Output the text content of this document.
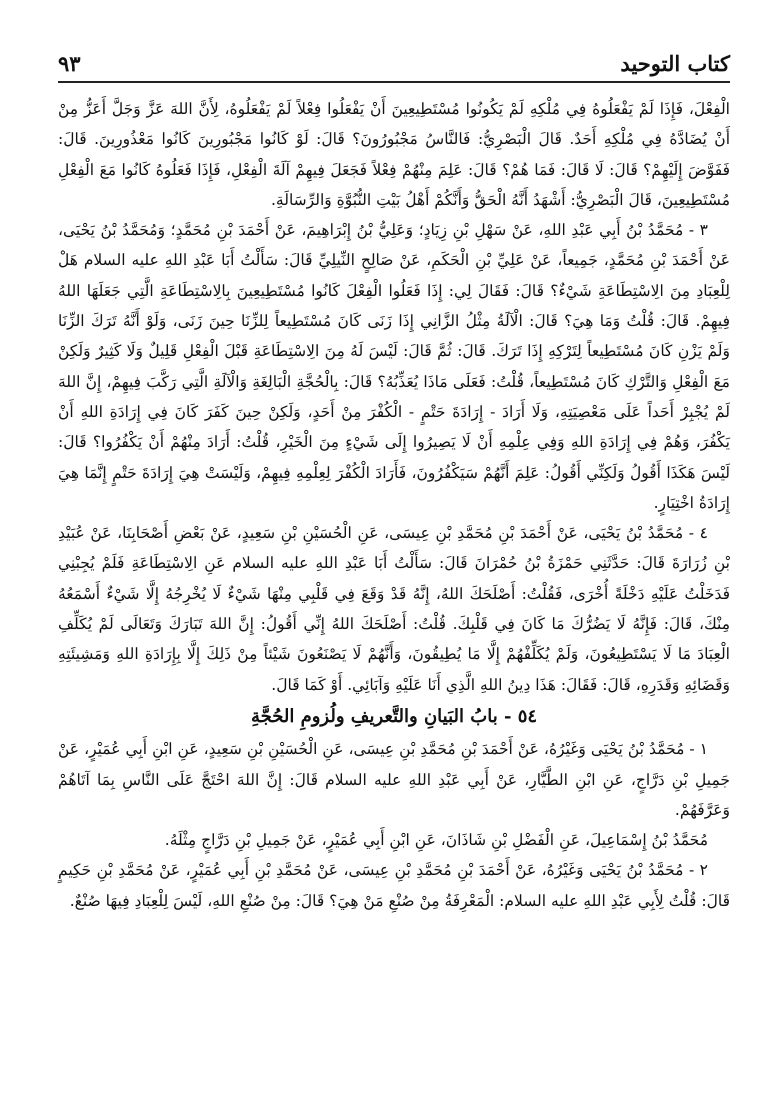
٩٣	كتاب التوحيد

الْفِعْلَ، فَإِذَا لَمْ يَفْعَلُوهُ فِي مُلْكِهِ لَمْ يَكُونُوا مُسْتَطِيعِينَ أَنْ يَفْعَلُوا فِعْلاً لَمْ يَفْعَلُوهُ، لِأَنَّ اللهَ عَزَّ وَجَلَّ أَعَزُّ مِنْ أَنْ يُضَادَّهُ فِي مُلْكِهِ أَحَدٌ. قَالَ الْبَصْرِيُّ: فَالنَّاسُ مَجْبُورُونَ؟ قَالَ: لَوْ كَانُوا مَجْبُورِينَ كَانُوا مَعْذُورِينَ. قَالَ: فَفَوَّضَ إِلَيْهِمْ؟ قَالَ: لَا قَالَ: فَمَا هُمْ؟ قَالَ: عَلِمَ مِنْهُمْ فِعْلاً فَجَعَلَ فِيهِمْ آلَةَ الْفِعْلِ، فَإِذَا فَعَلُوهُ كَانُوا مَعَ الْفِعْلِ مُسْتَطِيعِينَ، قَالَ الْبَصْرِيُّ: أَشْهَدُ أَنَّهُ الْحَقُّ وَأَنَّكُمْ أَهْلُ بَيْتِ النُّبُوَّةِ وَالرِّسَالَةِ.

٣ - مُحَمَّدُ بْنُ أَبِي عَبْدِ اللهِ، عَنْ سَهْلِ بْنِ زِيَادٍ؛ وَعَلِيُّ بْنُ إِبْرَاهِيمَ، عَنْ أَحْمَدَ بْنِ مُحَمَّدٍ؛ وَمُحَمَّدُ بْنُ يَحْيَى، عَنْ أَحْمَدَ بْنِ مُحَمَّدٍ، جَمِيعاً، عَنْ عَلِيِّ بْنِ الْحَكَمِ، عَنْ صَالِحٍ النِّيلِيِّ قَالَ: سَأَلْتُ أَبَا عَبْدِ اللهِ عليه السلام هَلْ لِلْعِبَادِ مِنَ الِاسْتِطَاعَةِ شَيْءٌ؟ قَالَ: فَقَالَ لِي: إِذَا فَعَلُوا الْفِعْلَ كَانُوا مُسْتَطِيعِينَ بِالِاسْتِطَاعَةِ الَّتِي جَعَلَهَا اللهُ فِيهِمْ. قَالَ: قُلْتُ وَمَا هِيَ؟ قَالَ: الْآلَةُ مِثْلُ الزَّانِي إِذَا زَنَى كَانَ مُسْتَطِيعاً لِلزِّنَا حِينَ زَنَى، وَلَوْ أَنَّهُ تَرَكَ الزِّنَا وَلَمْ يَزْنِ كَانَ مُسْتَطِيعاً لِتَرْكِهِ إِذَا تَرَكَ. قَالَ: ثُمَّ قَالَ: لَيْسَ لَهُ مِنَ الِاسْتِطَاعَةِ قَبْلَ الْفِعْلِ قَلِيلٌ وَلَا كَثِيرٌ وَلَكِنْ مَعَ الْفِعْلِ وَالتَّرْكِ كَانَ مُسْتَطِيعاً، قُلْتُ: فَعَلَى مَاذَا يُعَذِّبُهُ؟ قَالَ: بِالْحُجَّةِ الْبَالِغَةِ وَالْآلَةِ الَّتِي رَكَّبَ فِيهِمْ، إِنَّ اللهَ لَمْ يُجْبِرْ أَحَداً عَلَى مَعْصِيَتِهِ، وَلَا أَرَادَ - إِرَادَةَ حَتْمٍ - الْكُفْرَ مِنْ أَحَدٍ، وَلَكِنْ حِينَ كَفَرَ كَانَ فِي إِرَادَةِ اللهِ أَنْ يَكْفُرَ، وَهُمْ فِي إِرَادَةِ اللهِ وَفِي عِلْمِهِ أَنْ لَا يَصِيرُوا إِلَى شَيْءٍ مِنَ الْخَيْرِ، قُلْتُ: أَرَادَ مِنْهُمْ أَنْ يَكْفُرُوا؟ قَالَ: لَيْسَ هَكَذَا أَقُولُ وَلَكِنِّي أَقُولُ: عَلِمَ أَنَّهُمْ سَيَكْفُرُونَ، فَأَرَادَ الْكُفْرَ لِعِلْمِهِ فِيهِمْ، وَلَيْسَتْ هِيَ إِرَادَةَ حَتْمٍ إِنَّمَا هِيَ إِرَادَةُ اخْتِيَارٍ.

٤ - مُحَمَّدُ بْنُ يَحْيَى، عَنْ أَحْمَدَ بْنِ مُحَمَّدِ بْنِ عِيسَى، عَنِ الْحُسَيْنِ بْنِ سَعِيدٍ، عَنْ بَعْضِ أَصْحَابِنَا، عَنْ عُبَيْدِ بْنِ زُرَارَةَ قَالَ: حَدَّثَنِي حَمْزَةُ بْنُ حُمْرَانَ قَالَ: سَأَلْتُ أَبَا عَبْدِ اللهِ عليه السلام عَنِ الِاسْتِطَاعَةِ فَلَمْ يُجِبْنِي فَدَخَلْتُ عَلَيْهِ دَخْلَةً أُخْرَى، فَقُلْتُ: أَصْلَحَكَ اللهُ، إِنَّهُ قَدْ وَقَعَ فِي قَلْبِي مِنْهَا شَيْءٌ لَا يُخْرِجُهُ إِلَّا شَيْءٌ أَسْمَعُهُ مِنْكَ، قَالَ: فَإِنَّهُ لَا يَضُرُّكَ مَا كَانَ فِي قَلْبِكَ. قُلْتُ: أَصْلَحَكَ اللهُ إِنِّي أَقُولُ: إِنَّ اللهَ تَبَارَكَ وَتَعَالَى لَمْ يُكَلِّفِ الْعِبَادَ مَا لَا يَسْتَطِيعُونَ، وَلَمْ يُكَلِّفْهُمْ إِلَّا مَا يُطِيقُونَ، وَأَنَّهُمْ لَا يَصْنَعُونَ شَيْئاً مِنْ ذَلِكَ إِلَّا بِإِرَادَةِ اللهِ وَمَشِيئَتِهِ وَقَضَائِهِ وَقَدَرِهِ، قَالَ: فَقَالَ: هَذَا دِينُ اللهِ الَّذِي أَنَا عَلَيْهِ وَآبَائِي. أَوْ كَمَا قَالَ.

٥٤ - بابُ البَيانِ والتَّعريفِ ولُزومِ الحُجَّةِ

١ - مُحَمَّدُ بْنُ يَحْيَى وَغَيْرُهُ، عَنْ أَحْمَدَ بْنِ مُحَمَّدِ بْنِ عِيسَى، عَنِ الْحُسَيْنِ بْنِ سَعِيدٍ، عَنِ ابْنِ أَبِي عُمَيْرٍ، عَنْ جَمِيلِ بْنِ دَرَّاجٍ، عَنِ ابْنِ الطَّيَّارِ، عَنْ أَبِي عَبْدِ اللهِ عليه السلام قَالَ: إِنَّ اللهَ احْتَجَّ عَلَى النَّاسِ بِمَا آتَاهُمْ وَعَرَّفَهُمْ.

مُحَمَّدُ بْنُ إِسْمَاعِيلَ، عَنِ الْفَضْلِ بْنِ شَاذَانَ، عَنِ ابْنِ أَبِي عُمَيْرٍ، عَنْ جَمِيلِ بْنِ دَرَّاجٍ مِثْلَهُ.

٢ - مُحَمَّدُ بْنُ يَحْيَى وَغَيْرُهُ، عَنْ أَحْمَدَ بْنِ مُحَمَّدِ بْنِ عِيسَى، عَنْ مُحَمَّدِ بْنِ أَبِي عُمَيْرٍ، عَنْ مُحَمَّدِ بْنِ حَكِيمٍ قَالَ: قُلْتُ لِأَبِي عَبْدِ اللهِ عليه السلام: الْمَعْرِفَةُ مِنْ صُنْعِ مَنْ هِيَ؟ قَالَ: مِنْ صُنْعِ اللهِ، لَيْسَ لِلْعِبَادِ فِيهَا صُنْعٌ.
